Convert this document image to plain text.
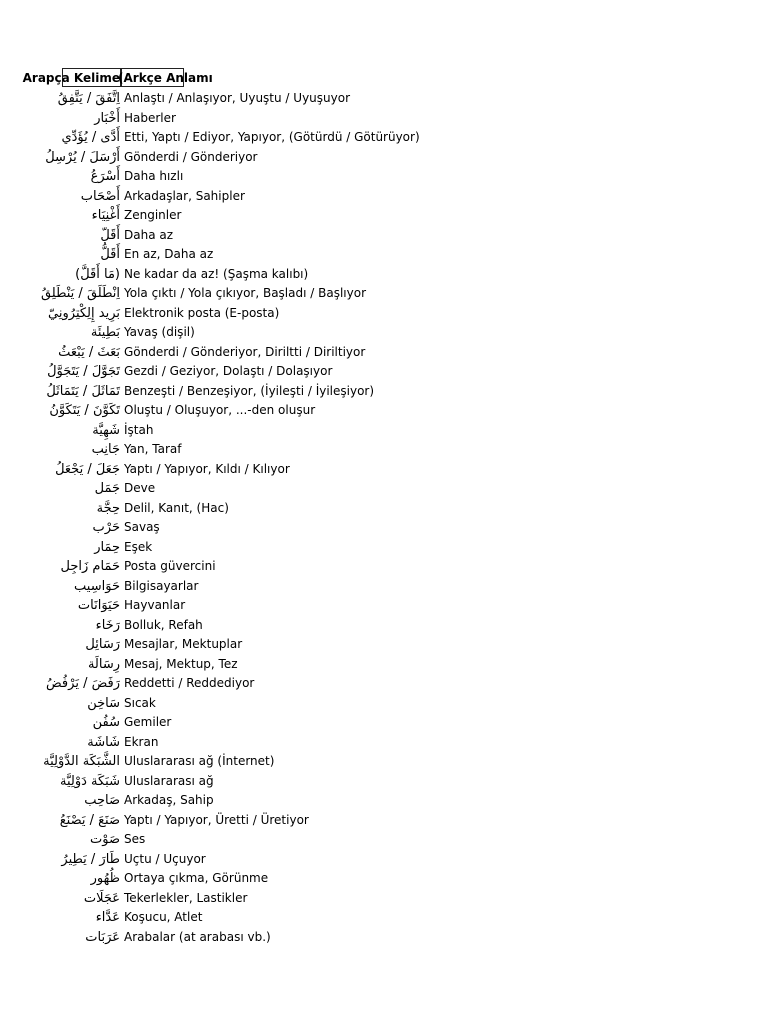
Arapça Kelime
(Arkçe Anlamı
اِتَّفَقَ / يَتَّفِقُ Anlaştı / Anlaşıyor, Uyuştu / Uyuşuyor
أَخْبَار Haberler
أَدَّى / يُؤَدِّي Etti, Yaptı / Ediyor, Yapıyor, (Götürdü / Götürüyor)
أَرْسَلَ / يُرْسِلُ Gönderdi / Gönderiyor
أَسْرَعُ Daha hızlı
أَصْحَاب Arkadaşlar, Sahipler
أَغْنِيَاء Zenginler
أَقَلّ Daha az
أَقَلُّ En az, Daha az
(مَا أَقَلَّ) Ne kadar da az! (Şaşma kalıbı)
اِنْطَلَقَ / يَنْطَلِقُ Yola çıktı / Yola çıkıyor, Başladı / Başlıyor
بَرِيد إِلِكْتِرُونِيّ Elektronik posta (E-posta)
بَطِيئَة Yavaş (dişil)
بَعَثَ / يَبْعَثُ Gönderdi / Gönderiyor, Diriltti / Diriltiyor
تَجَوَّلَ / يَتَجَوَّلُ Gezdi / Geziyor, Dolaştı / Dolaşıyor
تَمَاثَلَ / يَتَمَاثَلُ Benzeşti / Benzeşiyor, (İyileşti / İyileşiyor)
تَكَوَّنَ / يَتَكَوَّنُ Oluştu / Oluşuyor, ...-den oluşur
شَهِيَّة İştah
جَانِب Yan, Taraf
جَعَلَ / يَجْعَلُ Yaptı / Yapıyor, Kıldı / Kılıyor
جَمَل Deve
حِجَّة Delil, Kanıt, (Hac)
حَرْب Savaş
حِمَار Eşek
حَمَام زَاجِل Posta güvercini
حَوَاسِيب Bilgisayarlar
حَيَوَانَات Hayvanlar
رَخَاء Bolluk, Refah
رَسَائِل Mesajlar, Mektuplar
رِسَالَة Mesaj, Mektup, Tez
رَفَضَ / يَرْفُضُ Reddetti / Reddediyor
سَاخِن Sıcak
سُفُن Gemiler
شَاشَة Ekran
الشَّبَكَة الدَّوْلِيَّة Uluslararası ağ (İnternet)
شَبَكَة دَوْلِيَّة Uluslararası ağ
صَاحِب Arkadaş, Sahip
صَنَعَ / يَصْنَعُ Yaptı / Yapıyor, Üretti / Üretiyor
صَوْت Ses
طَارَ / يَطِيرُ Uçtu / Uçuyor
ظُهُور Ortaya çıkma, Görünme
عَجَلَات Tekerlekler, Lastikler
عَدَّاء Koşucu, Atlet
عَرَبَات Arabalar (at arabası vb.)
